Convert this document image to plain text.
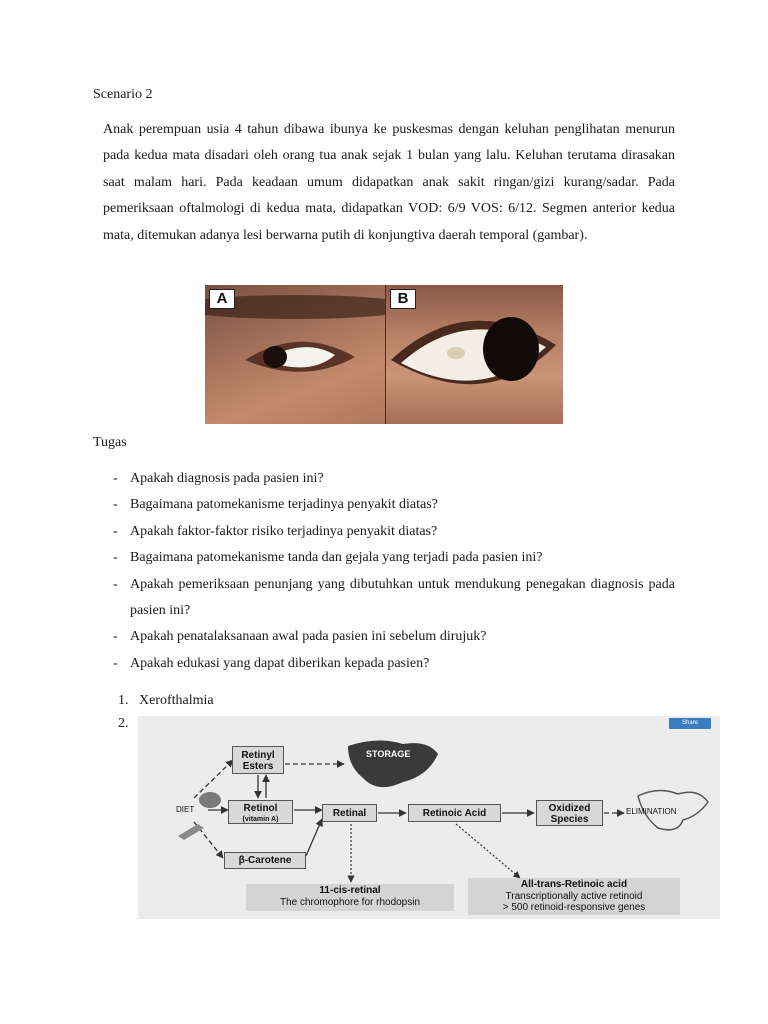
Scenario 2
Anak perempuan usia 4 tahun dibawa ibunya ke puskesmas dengan keluhan penglihatan menurun pada kedua mata disadari oleh orang tua anak sejak 1 bulan yang lalu. Keluhan terutama dirasakan saat malam hari. Pada keadaan umum didapatkan anak sakit ringan/gizi kurang/sadar. Pada pemeriksaan oftalmologi di kedua mata, didapatkan VOD: 6/9 VOS: 6/12. Segmen anterior kedua mata, ditemukan adanya lesi berwarna putih di konjungtiva daerah temporal (gambar).
A	B
Tugas
- Apakah diagnosis pada pasien ini?
- Bagaimana patomekanisme terjadinya penyakit diatas?
- Apakah faktor-faktor risiko terjadinya penyakit diatas?
- Bagaimana patomekanisme tanda dan gejala yang terjadi pada pasien ini?
- Apakah pemeriksaan penunjang yang dibutuhkan untuk mendukung penegakan diagnosis pada pasien ini?
- Apakah penatalaksanaan awal pada pasien ini sebelum dirujuk?
- Apakah edukasi yang dapat diberikan kepada pasien?
1. Xerofthalmia
2.	Share
Retinyl
Esters
STORAGE
DIET	Retinol
(vitamin A)
Retinal	Retinoic Acid	Oxidized
Species
ELIMINATION
β-Carotene
11-cis-retinal
The chromophore for rhodopsin
All-trans-Retinoic acid
Transcriptionally active retinoid
> 500 retinoid-responsive genes
